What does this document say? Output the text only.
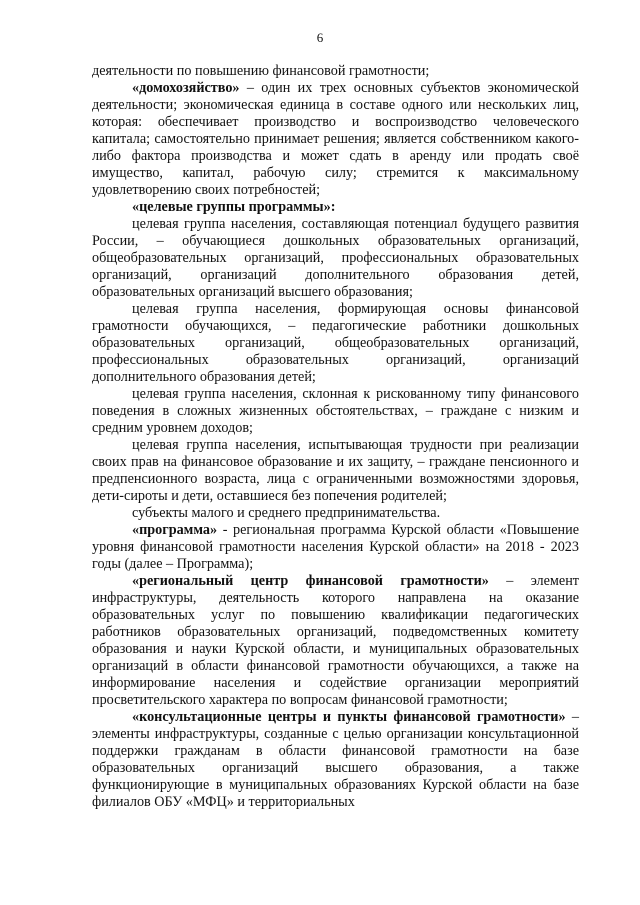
6

деятельности по повышению финансовой грамотности;

«домохозяйство» – один их трех основных субъектов экономической деятельности; экономическая единица в составе одного или нескольких лиц, которая: обеспечивает производство и воспроизводство человеческого капитала; самостоятельно принимает решения; является собственником какого-либо фактора производства и может сдать в аренду или продать своё имущество, капитал, рабочую силу; стремится к максимальному удовлетворению своих потребностей;

«целевые группы программы»:

целевая группа населения, составляющая потенциал будущего развития России, – обучающиеся дошкольных образовательных организаций, общеобразовательных организаций, профессиональных образовательных организаций, организаций дополнительного образования детей, образовательных организаций высшего образования;

целевая группа населения, формирующая основы финансовой грамотности обучающихся, – педагогические работники дошкольных образовательных организаций, общеобразовательных организаций, профессиональных образовательных организаций, организаций дополнительного образования детей;

целевая группа населения, склонная к рискованному типу финансового поведения в сложных жизненных обстоятельствах, – граждане с низким и средним уровнем доходов;

целевая группа населения, испытывающая трудности при реализации своих прав на финансовое образование и их защиту, – граждане пенсионного и предпенсионного возраста, лица с ограниченными возможностями здоровья, дети-сироты и дети, оставшиеся без попечения родителей;

субъекты малого и среднего предпринимательства.

«программа» - региональная программа Курской области «Повышение уровня финансовой грамотности населения Курской области» на 2018 - 2023 годы (далее – Программа);

«региональный центр финансовой грамотности» – элемент инфраструктуры, деятельность которого направлена на оказание образовательных услуг по повышению квалификации педагогических работников образовательных организаций, подведомственных комитету образования и науки Курской области, и муниципальных образовательных организаций в области финансовой грамотности обучающихся, а также на информирование населения и содействие организации мероприятий просветительского характера по вопросам финансовой грамотности;

«консультационные центры и пункты финансовой грамотности» – элементы инфраструктуры, созданные с целью организации консультационной поддержки гражданам в области финансовой грамотности на базе образовательных организаций высшего образования, а также функционирующие в муниципальных образованиях Курской области на базе филиалов ОБУ «МФЦ» и территориальных
